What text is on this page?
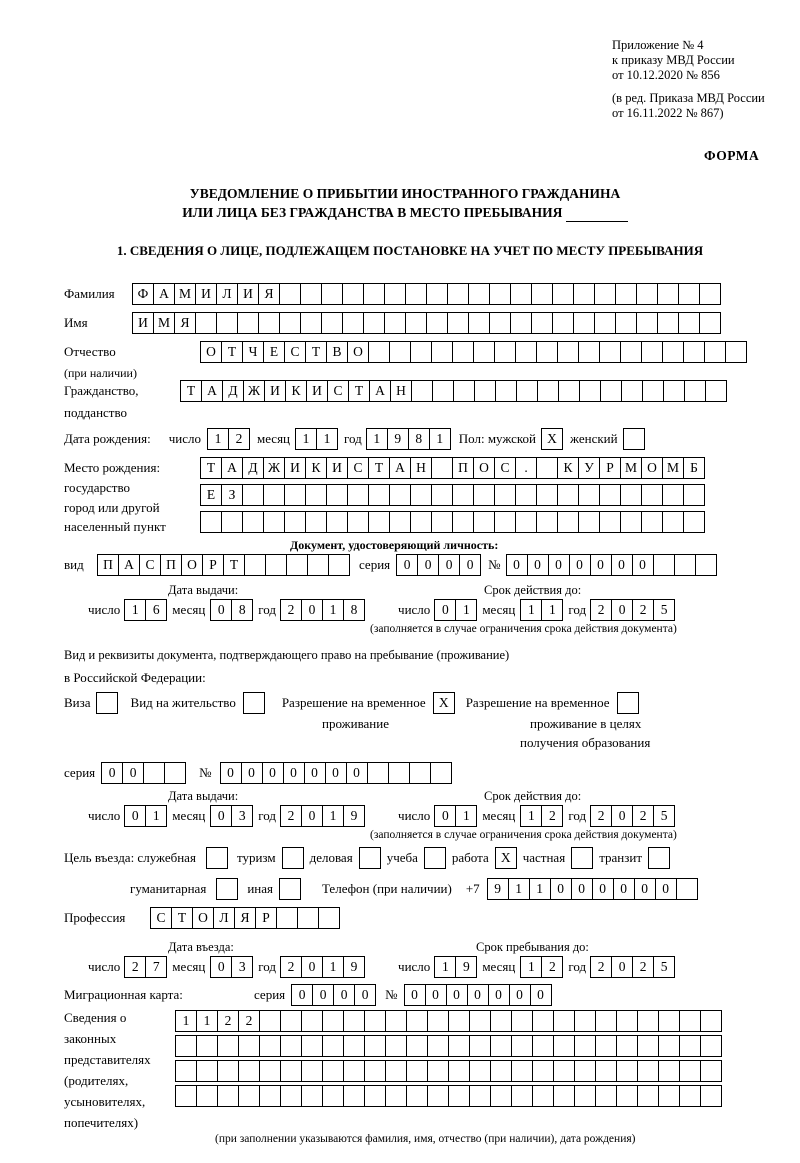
Приложение № 4
к приказу МВД России
от 10.12.2020 № 856
(в ред. Приказа МВД России
от 16.11.2022 № 867)
ФОРМА
УВЕДОМЛЕНИЕ О ПРИБЫТИИ ИНОСТРАННОГО ГРАЖДАНИНА
ИЛИ ЛИЦА БЕЗ ГРАЖДАНСТВА В МЕСТО ПРЕБЫВАНИЯ
1. СВЕДЕНИЯ О ЛИЦЕ, ПОДЛЕЖАЩЕМ ПОСТАНОВКЕ НА УЧЕТ ПО МЕСТУ ПРЕБЫВАНИЯ
Фамилия	Ф А М И Л И Я
Имя	И М Я
Отчество	О Т Ч Е С Т В О
(при наличии)
Гражданство,	Т А Д Ж И К И С Т А Н
подданство
Дата рождения: число	1	2	месяц 1	1	год 1	9	8	1	Пол: мужской Х	женский
Место рождения:	Т А Д Ж И К И С Т А Н	П О С	.	К У Р М О М Б
государство	Е З
город или другой
населенный пункт
Документ, удостоверяющий личность:
вид	П А С П О Р Т	серия	0	0	0	0	№ 0	0	0	0	0	0	0
Дата выдачи:	Срок действия до:
число 1	6 месяц 0	8 год 2	0	1	8	число 0	1 месяц 1	1 год 2	0	2	5
(заполняется в случае ограничения срока действия документа)
Вид и реквизиты документа, подтверждающего право на пребывание (проживание)
в Российской Федерации:
Виза	Вид на жительство	Разрешение на временное Х	Разрешение на временное
проживание	проживание в целях
получения образования
серия	0	0	№	0	0	0	0	0	0	0
Дата выдачи:	Срок действия до:
число 0	1 месяц 0	3 год 2	0	1	9	число 0	1 месяц 1	2 год 2	0	2	5
(заполняется в случае ограничения срока действия документа)
Цель въезда: служебная	туризм	деловая	учеба	работа Х частная	транзит
гуманитарная	иная	Телефон (при наличии) +7	9	1	1	0	0	0	0	0	0
Профессия	С Т О Л Я Р
Дата въезда:	Срок пребывания до:
число 2	7 месяц 0	3 год 2	0	1	9	число 1	9 месяц 1	2 год 2	0	2	5
Миграционная карта:	серия	0	0	0	0	№	0	0	0	0	0	0	0
Сведения о
законных
представителях
(родителях,
усыновителях,
попечителях)
1	1	2	2
(при заполнении указываются фамилия, имя, отчество (при наличии), дата рождения)
